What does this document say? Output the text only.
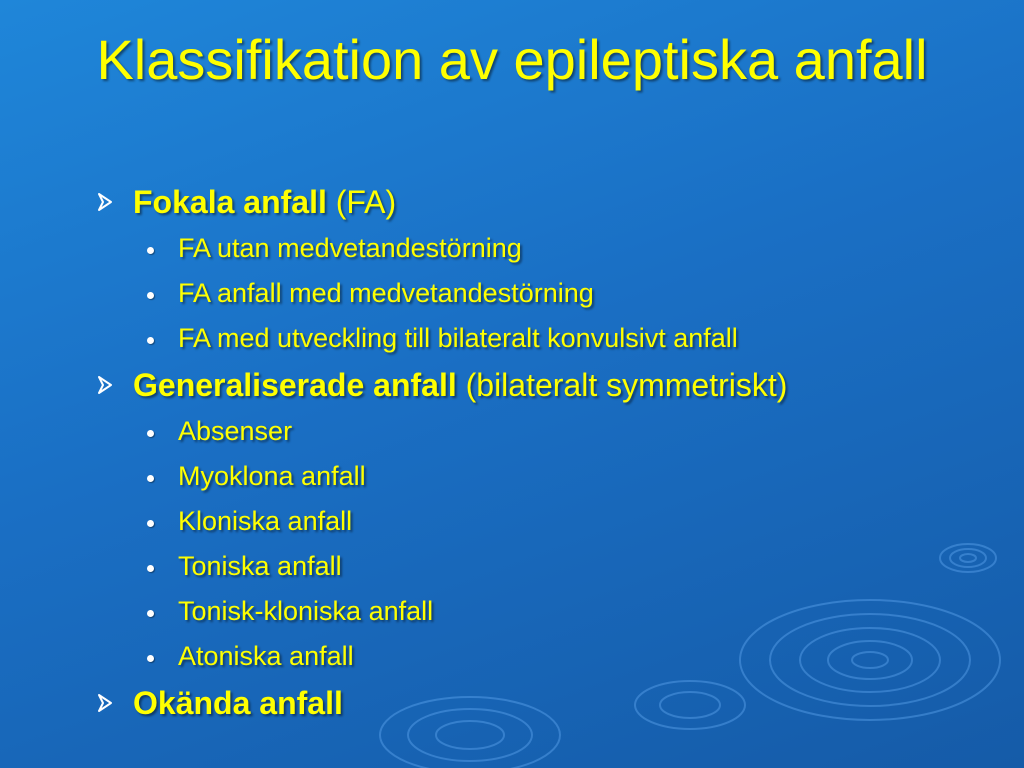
Klassifikation av epileptiska anfall
Fokala anfall (FA)
FA utan medvetandestörning
FA anfall med medvetandestörning
FA med utveckling till bilateralt konvulsivt anfall
Generaliserade anfall (bilateralt symmetriskt)
Absenser
Myoklona anfall
Kloniska anfall
Toniska anfall
Tonisk-kloniska anfall
Atoniska anfall
Okända anfall
